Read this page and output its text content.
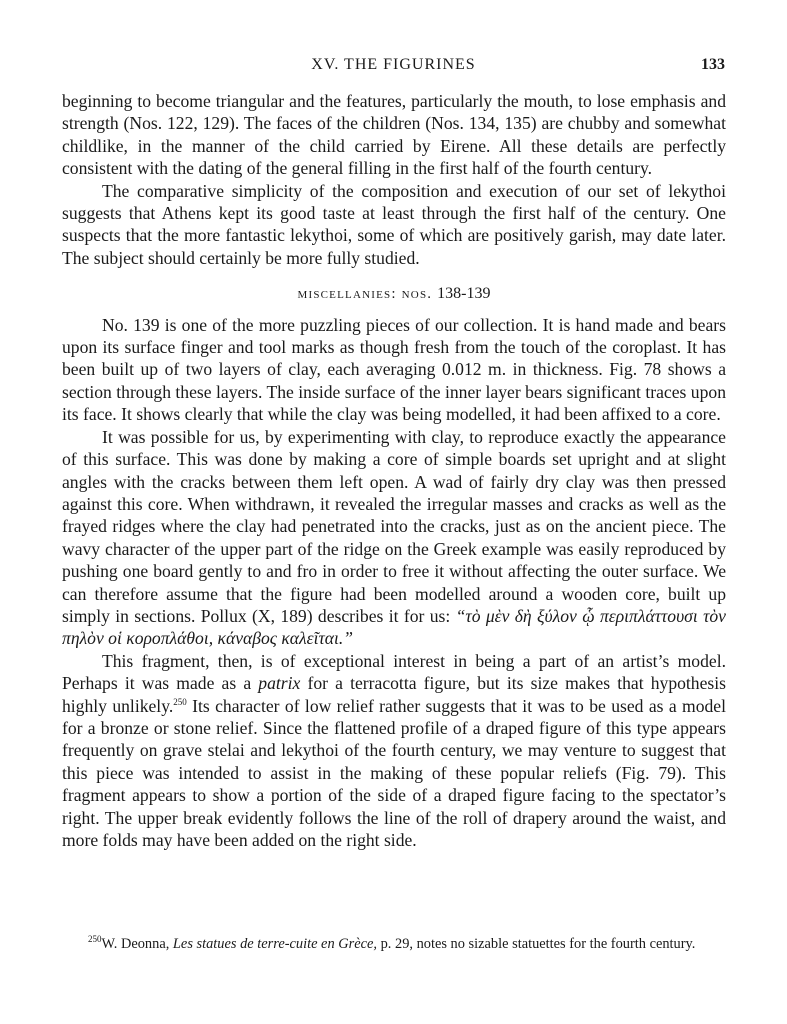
XV. THE FIGURINES	133

beginning to become triangular and the features, particularly the mouth, to lose emphasis and strength (Nos. 122, 129). The faces of the children (Nos. 134, 135) are chubby and somewhat childlike, in the manner of the child carried by Eirene. All these details are perfectly consistent with the dating of the general filling in the first half of the fourth century.

The comparative simplicity of the composition and execution of our set of lekythoi suggests that Athens kept its good taste at least through the first half of the century. One suspects that the more fantastic lekythoi, some of which are positively garish, may date later. The subject should certainly be more fully studied.

miscellanies: nos. 138-139

No. 139 is one of the more puzzling pieces of our collection. It is hand made and bears upon its surface finger and tool marks as though fresh from the touch of the coroplast. It has been built up of two layers of clay, each averaging 0.012 m. in thickness. Fig. 78 shows a section through these layers. The inside surface of the inner layer bears significant traces upon its face. It shows clearly that while the clay was being modelled, it had been affixed to a core.

It was possible for us, by experimenting with clay, to reproduce exactly the appearance of this surface. This was done by making a core of simple boards set upright and at slight angles with the cracks between them left open. A wad of fairly dry clay was then pressed against this core. When withdrawn, it revealed the irregular masses and cracks as well as the frayed ridges where the clay had penetrated into the cracks, just as on the ancient piece. The wavy character of the upper part of the ridge on the Greek example was easily reproduced by pushing one board gently to and fro in order to free it without affecting the outer surface. We can therefore assume that the figure had been modelled around a wooden core, built up simply in sections. Pollux (X, 189) describes it for us: “τὸ μὲν δὴ ξύλον ᾧ περιπλάττουσι τὸν πηλὸν οἱ κοροπλάθοι, κάναβος καλεῖται.”

This fragment, then, is of exceptional interest in being a part of an artist’s model. Perhaps it was made as a patrix for a terracotta figure, but its size makes that hypothesis highly unlikely.$^{250}$ Its character of low relief rather suggests that it was to be used as a model for a bronze or stone relief. Since the flattened profile of a draped figure of this type appears frequently on grave stelai and lekythoi of the fourth century, we may venture to suggest that this piece was intended to assist in the making of these popular reliefs (Fig. 79). This fragment appears to show a portion of the side of a draped figure facing to the spectator’s right. The upper break evidently follows the line of the roll of drapery around the waist, and more folds may have been added on the right side.

$^{250}$W. Deonna, Les statues de terre-cuite en Grèce, p. 29, notes no sizable statuettes for the fourth century.
